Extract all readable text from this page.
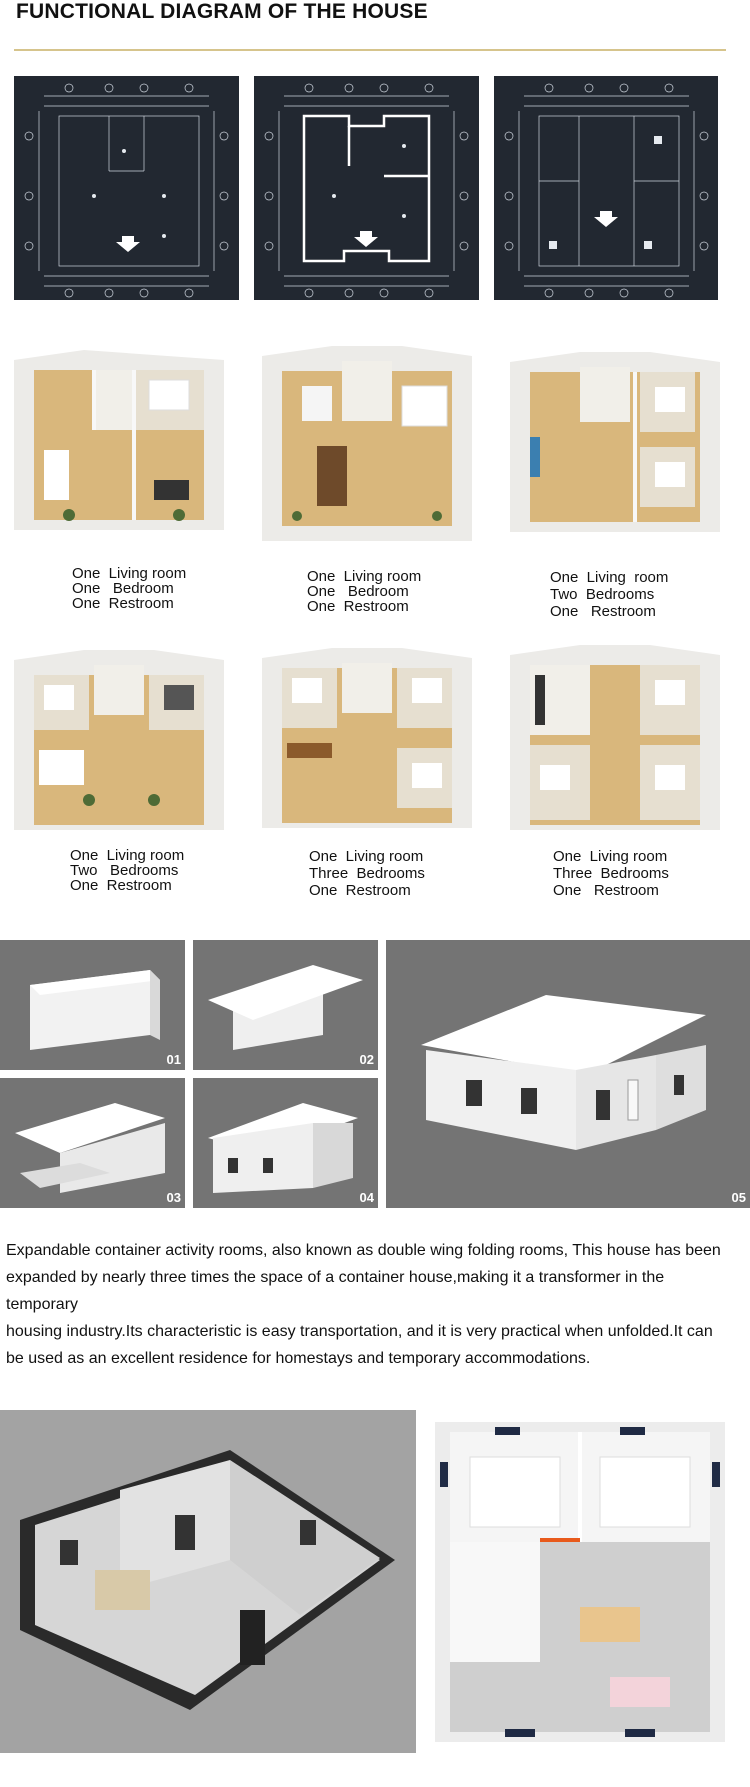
FUNCTIONAL DIAGRAM OF THE HOUSE
One  Living room
One   Bedroom
One  Restroom
One  Living room
One   Bedroom
One  Restroom
One  Living  room
Two  Bedrooms
One   Restroom
One  Living room
Two   Bedrooms
One  Restroom
One  Living room
Three  Bedrooms
One  Restroom
One  Living room
Three  Bedrooms
One   Restroom
01	02
03	04	05
Expandable container activity rooms, also known as double wing folding rooms, This house has been
expanded by nearly three times the space of a container house,making it a transformer in the
temporary
housing industry.Its characteristic is easy transportation, and it is very practical when unfolded.It can
be used as an excellent residence for homestays and temporary accommodations.
